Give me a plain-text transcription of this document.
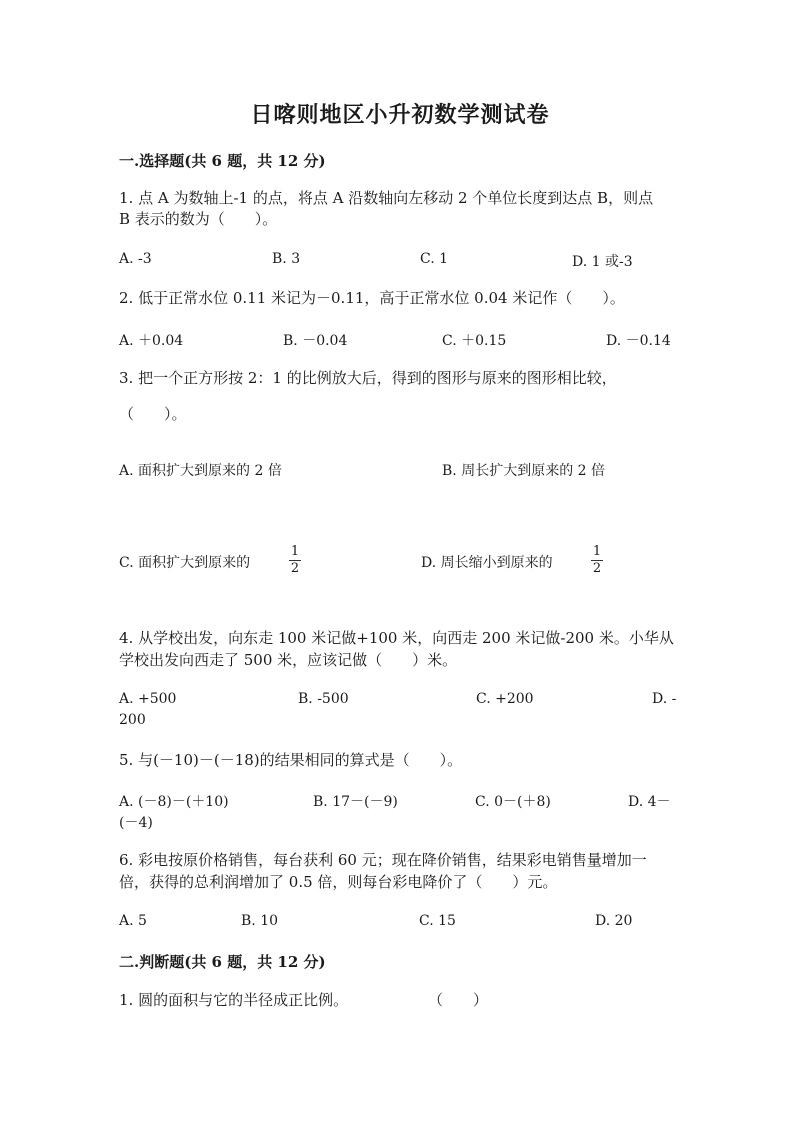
日喀则地区小升初数学测试卷
一.选择题(共 6 题，共 12 分)
1. 点 A 为数轴上-1 的点，将点 A 沿数轴向左移动 2 个单位长度到达点 B，则点
B 表示的数为（　　）。
A. -3	B. 3	C. 1	D. 1 或-3
2. 低于正常水位 0.11 米记为－0.11，高于正常水位 0.04 米记作（　　）。
A. ＋0.04	B. －0.04	C. ＋0.15	D. －0.14
3. 把一个正方形按 2：1 的比例放大后，得到的图形与原来的图形相比较，
（　　）。
A. 面积扩大到原来的 2 倍	B. 周长扩大到原来的 2 倍
C. 面积扩大到原来的
1
2	D. 周长缩小到原来的
1
2
4. 从学校出发，向东走 100 米记做+100 米，向西走 200 米记做-200 米。小华从
学校出发向西走了 500 米，应该记做（　　）米。
A. +500	B. -500	C. +200	D. -
200
5. 与(－10)－(－18)的结果相同的算式是（　　）。
A. (－8)－(＋10)	B. 17－(－9)	C. 0－(＋8)	D. 4－
(－4)
6. 彩电按原价格销售，每台获利 60 元；现在降价销售，结果彩电销售量增加一
倍，获得的总利润增加了 0.5 倍，则每台彩电降价了（　　）元。
A. 5	B. 10	C. 15	D. 20
二.判断题(共 6 题，共 12 分)
1. 圆的面积与它的半径成正比例。	（　　）
